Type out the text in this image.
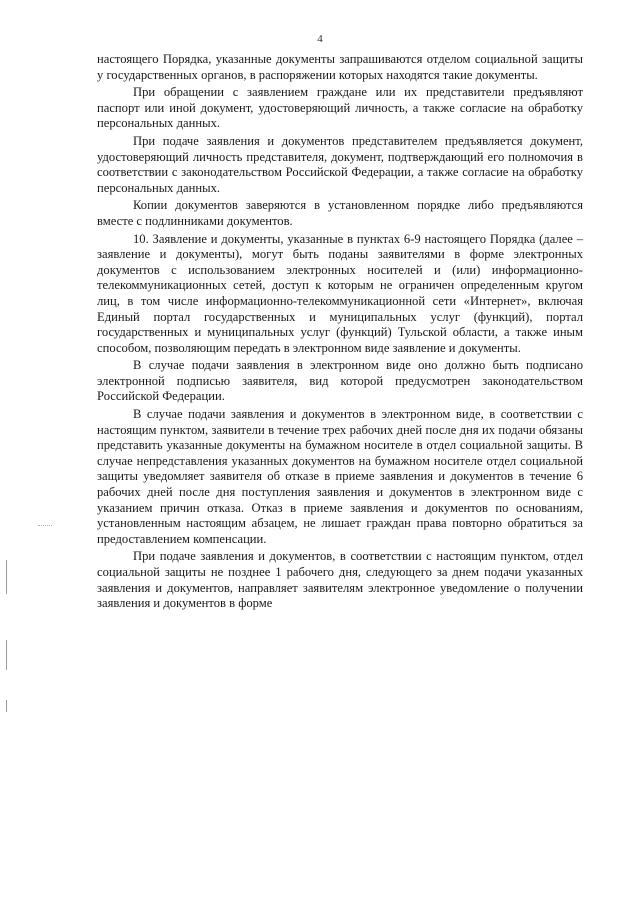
4

настоящего Порядка, указанные документы запрашиваются отделом социальной защиты у государственных органов, в распоряжении которых находятся такие документы.

При обращении с заявлением граждане или их представители предъявляют паспорт или иной документ, удостоверяющий личность, а также согласие на обработку персональных данных.

При подаче заявления и документов представителем предъявляется документ, удостоверяющий личность представителя, документ, подтверждающий его полномочия в соответствии с законодательством Российской Федерации, а также согласие на обработку персональных данных.

Копии документов заверяются в установленном порядке либо предъявляются вместе с подлинниками документов.

10. Заявление и документы, указанные в пунктах 6-9 настоящего Порядка (далее – заявление и документы), могут быть поданы заявителями в форме электронных документов с использованием электронных носителей и (или) информационно-телекоммуникационных сетей, доступ к которым не ограничен определенным кругом лиц, в том числе информационно-телекоммуникационной сети «Интернет», включая Единый портал государственных и муниципальных услуг (функций), портал государственных и муниципальных услуг (функций) Тульской области, а также иным способом, позволяющим передать в электронном виде заявление и документы.

В случае подачи заявления в электронном виде оно должно быть подписано электронной подписью заявителя, вид которой предусмотрен законодательством Российской Федерации.

В случае подачи заявления и документов в электронном виде, в соответствии с настоящим пунктом, заявители в течение трех рабочих дней после дня их подачи обязаны представить указанные документы на бумажном носителе в отдел социальной защиты. В случае непредставления указанных документов на бумажном носителе отдел социальной защиты уведомляет заявителя об отказе в приеме заявления и документов в течение 6 рабочих дней после дня поступления заявления и документов в электронном виде с указанием причин отказа. Отказ в приеме заявления и документов по основаниям, установленным настоящим абзацем, не лишает граждан права повторно обратиться за предоставлением компенсации.

При подаче заявления и документов, в соответствии с настоящим пунктом, отдел социальной защиты не позднее 1 рабочего дня, следующего за днем подачи указанных заявления и документов, направляет заявителям электронное уведомление о получении заявления и документов в форме
